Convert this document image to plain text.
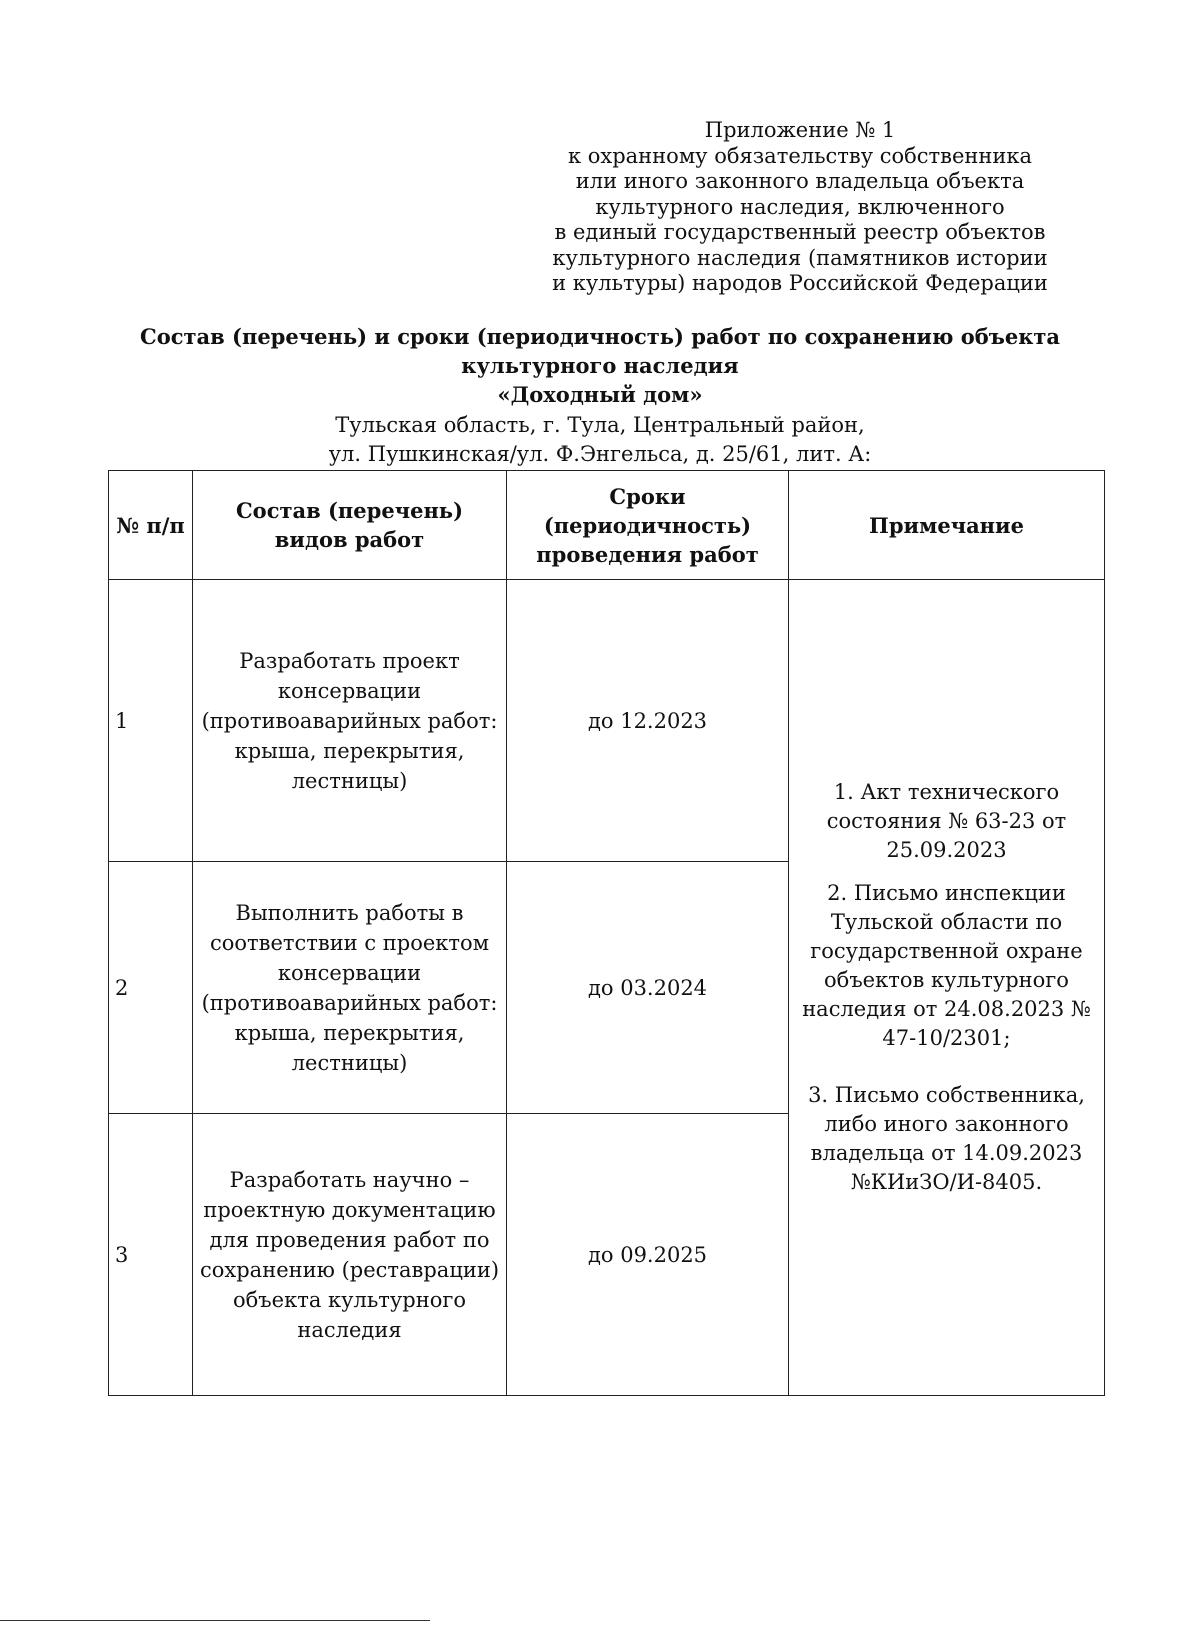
Приложение № 1
к охранному обязательству собственника
или иного законного владельца объекта
культурного наследия, включенного
в единый государственный реестр объектов
культурного наследия (памятников истории
и культуры) народов Российской Федерации
Состав (перечень) и сроки (периодичность) работ по сохранению объекта
культурного наследия
«Доходный дом»
Тульская область, г. Тула, Центральный район,
ул. Пушкинская/ул. Ф.Энгельса, д. 25/61, лит. А:
№ п/п	Состав (перечень) видов работ	Сроки (периодичность) проведения работ	Примечание
1	Разработать проект консервации (противоаварийных работ: крыша, перекрытия, лестницы)	до 12.2023	1. Акт технического состояния № 63-23 от 25.09.2023
2. Письмо инспекции Тульской области по государственной охране объектов культурного наследия от 24.08.2023 № 47-10/2301;
3. Письмо собственника, либо иного законного владельца от 14.09.2023 №КИиЗО/И-8405.

2	Выполнить работы в соответствии с проектом консервации (противоаварийных работ: крыша, перекрытия, лестницы)	до 03.2024	
3	Разработать научно – проектную документацию для проведения работ по сохранению (реставрации) объекта культурного наследия	до 09.2025	
